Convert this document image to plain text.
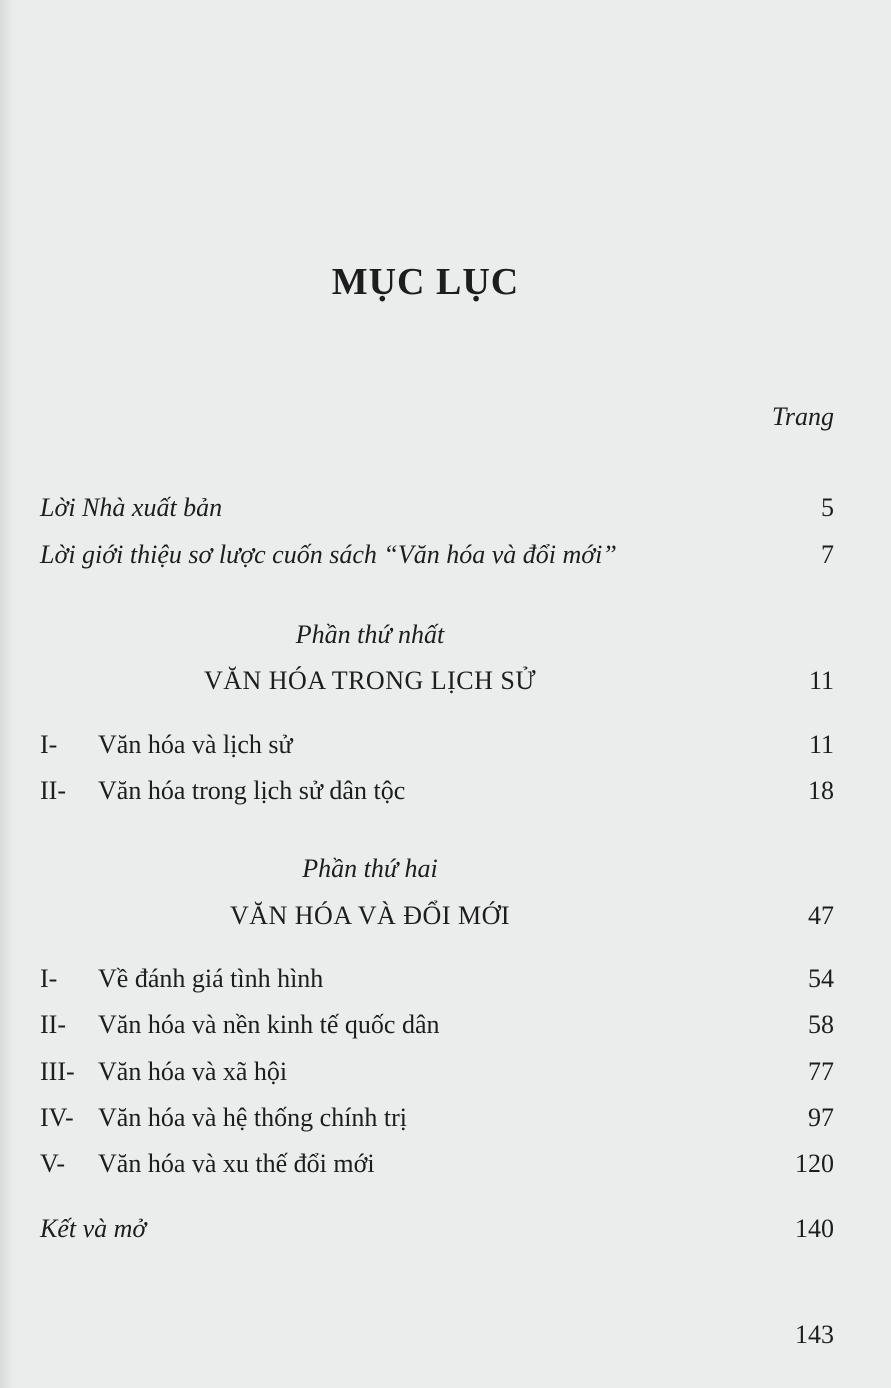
MỤC LỤC
Trang
Lời Nhà xuất bản	5
Lời giới thiệu sơ lược cuốn sách “Văn hóa và đổi mới”	7
Phần thứ nhất
VĂN HÓA TRONG LỊCH SỬ	11
I- Văn hóa và lịch sử	11
II- Văn hóa trong lịch sử dân tộc	18
Phần thứ hai
VĂN HÓA VÀ ĐỔI MỚI	47
I- Về đánh giá tình hình	54
II- Văn hóa và nền kinh tế quốc dân	58
III- Văn hóa và xã hội	77
IV- Văn hóa và hệ thống chính trị	97
V- Văn hóa và xu thế đổi mới	120
Kết và mở	140
143
